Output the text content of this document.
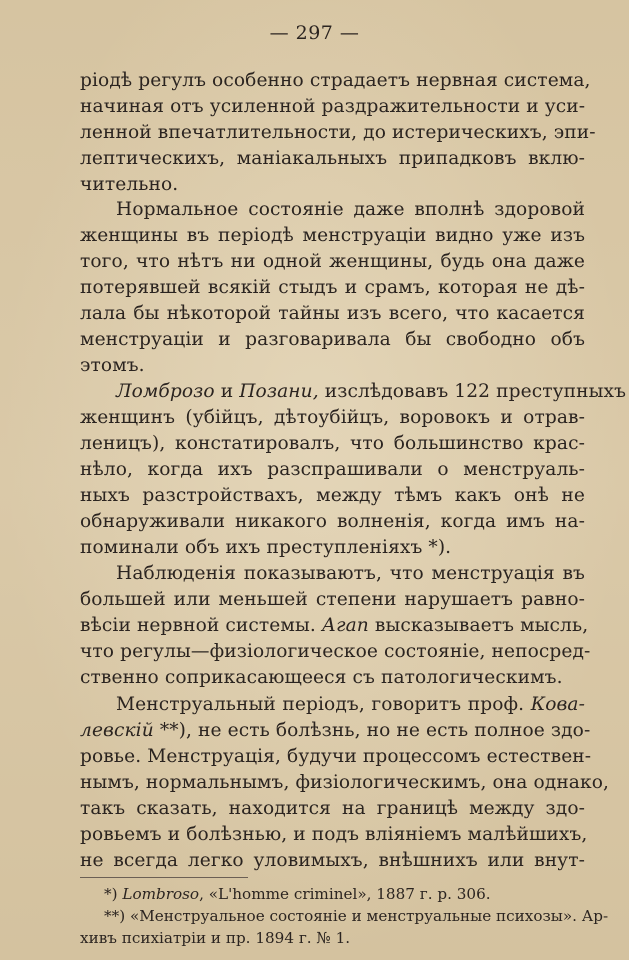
— 297 —
ріодѣ регулъ особенно страдаетъ нервная система,
начиная отъ усиленной раздражительности и уси-
ленной впечатлительности, до истерическихъ, эпи-
лептическихъ, маніакальныхъ припадковъ вклю-
чительно.
Нормальное состояніе даже вполнѣ здоровой
женщины въ періодѣ менструаціи видно уже изъ
того, что нѣтъ ни одной женщины, будь она даже
потерявшей всякій стыдъ и срамъ, которая не дѣ-
лала бы нѣкоторой тайны изъ всего, что касается
менструаціи и разговаривала бы свободно объ
этомъ.
Ломброзо и Позани, изслѣдовавъ 122 преступныхъ
женщинъ (убійцъ, дѣтоубійцъ, воровокъ и отрав-
леницъ), констатировалъ, что большинство крас-
нѣло, когда ихъ разспрашивали о менструаль-
ныхъ разстройствахъ, между тѣмъ какъ онѣ не
обнаруживали никакого волненія, когда имъ на-
поминали объ ихъ преступленіяхъ *).
Наблюденія показываютъ, что менструація въ
большей или меньшей степени нарушаетъ равно-
вѣсіи нервной системы. Агап высказываетъ мысль,
что регулы—физіологическое состояніе, непосред-
ственно соприкасающееся съ патологическимъ.
Менструальный періодъ, говоритъ проф. Кова-
левскій **), не есть болѣзнь, но не есть полное здо-
ровье. Менструація, будучи процессомъ естествен-
нымъ, нормальнымъ, физіологическимъ, она однако,
такъ сказать, находится на границѣ между здо-
ровьемъ и болѣзнью, и подъ вліяніемъ малѣйшихъ,
не всегда легко уловимыхъ, внѣшнихъ или внут-
*) Lombroso, «L'homme criminel», 1887 г. р. 306.
**) «Менструальное состояніе и менструальные психозы». Ар-
хивъ психіатріи и пр. 1894 г. № 1.
